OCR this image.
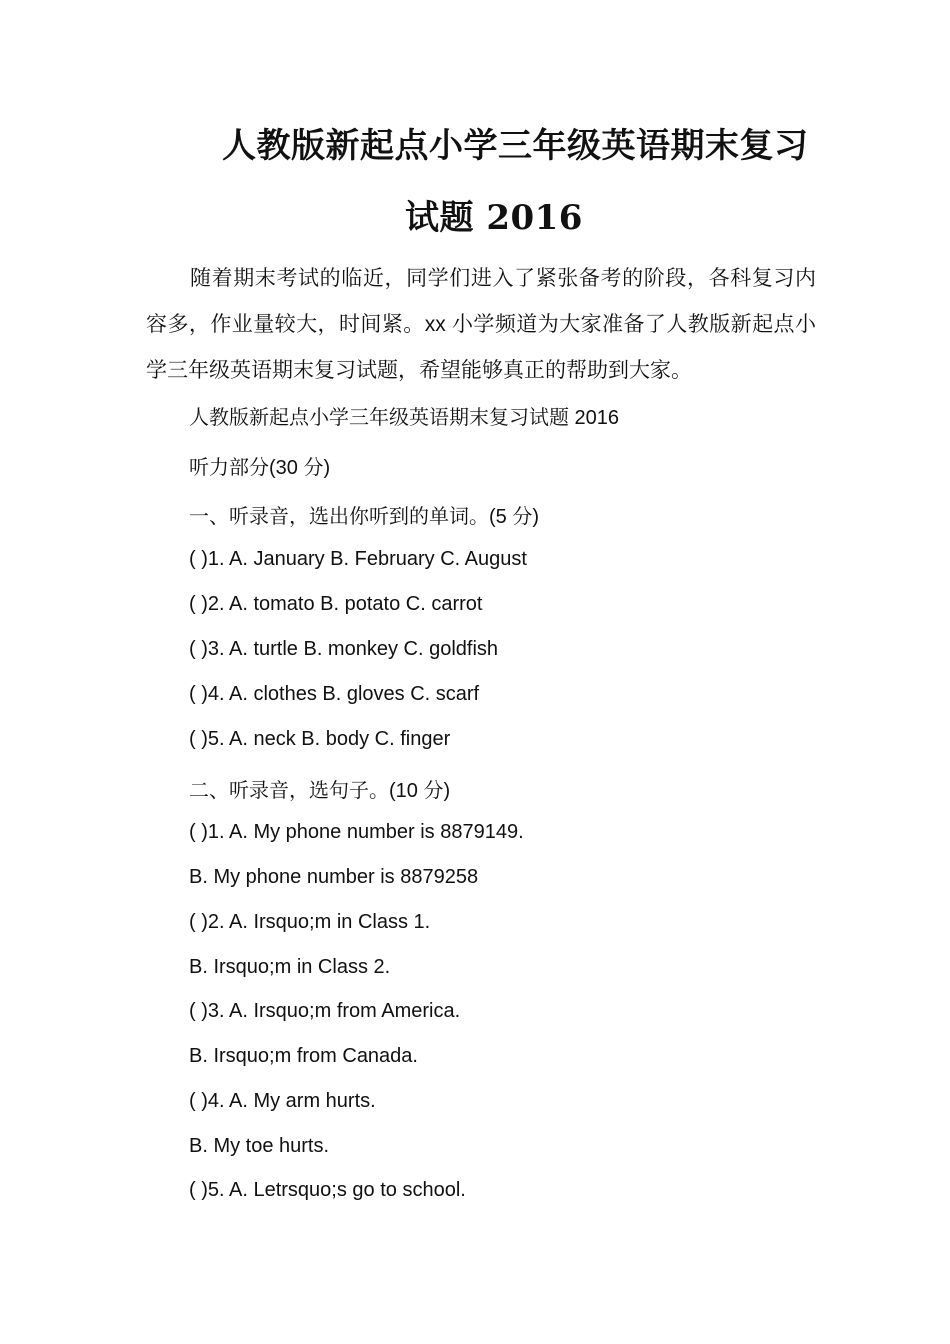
人教版新起点小学三年级英语期末复习
试题 2016

随着期末考试的临近，同学们进入了紧张备考的阶段，各科复习内容多，作业量较大，时间紧。xx 小学频道为大家准备了人教版新起点小学三年级英语期末复习试题，希望能够真正的帮助到大家。

人教版新起点小学三年级英语期末复习试题 2016
听力部分(30 分)
一、听录音，选出你听到的单词。(5 分)
( )1. A. January B. February C. August
( )2. A. tomato B. potato C. carrot
( )3. A. turtle B. monkey C. goldfish
( )4. A. clothes B. gloves C. scarf
( )5. A. neck B. body C. finger
二、听录音，选句子。(10 分)
( )1. A. My phone number is 8879149.
B. My phone number is 8879258
( )2. A. Irsquo;m in Class 1.
B. Irsquo;m in Class 2.
( )3. A. Irsquo;m from America.
B. Irsquo;m from Canada.
( )4. A. My arm hurts.
B. My toe hurts.
( )5. A. Letrsquo;s go to school.
